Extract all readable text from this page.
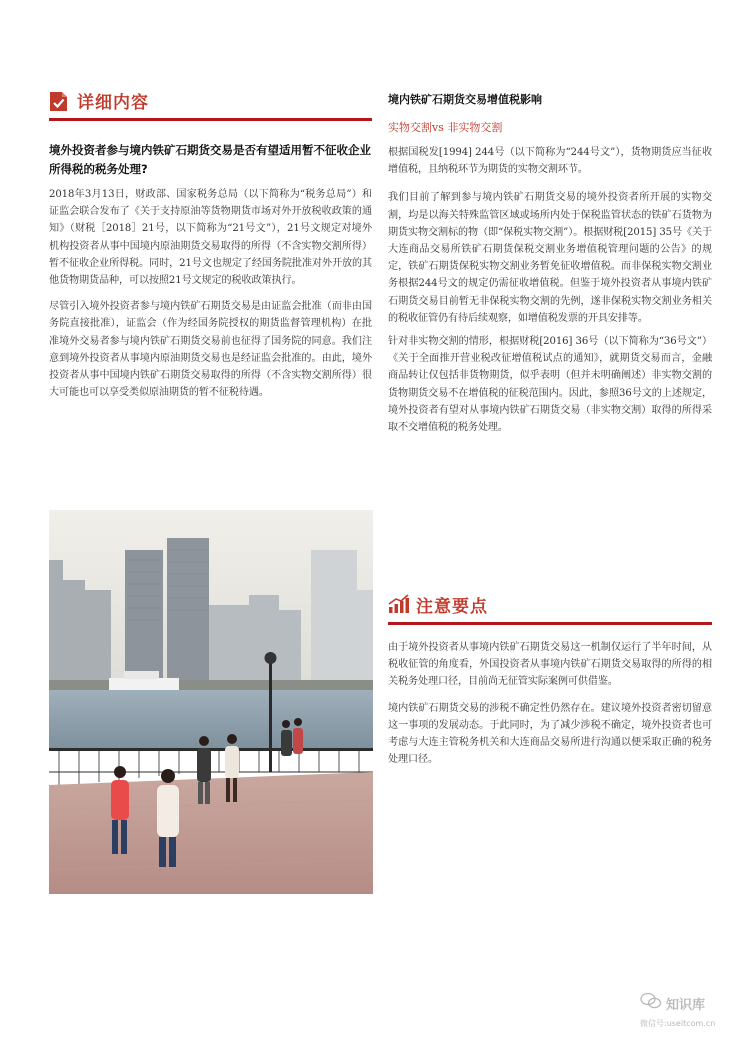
详细内容

境外投资者参与境内铁矿石期货交易是否有望适用暂不征收企业所得税的税务处理?

2018年3月13日，财政部、国家税务总局（以下简称为“税务总局”）和证监会联合发布了《关于支持原油等货物期货市场对外开放税收政策的通知》（财税［2018］21号，以下简称为“21号文”），21号文规定对境外机构投资者从事中国境内原油期货交易取得的所得（不含实物交割所得）暂不征收企业所得税。同时，21号文也规定了经国务院批准对外开放的其他货物期货品种，可以按照21号文规定的税收政策执行。

尽管引入境外投资者参与境内铁矿石期货交易是由证监会批准（而非由国务院直接批准），证监会（作为经国务院授权的期货监督管理机构）在批准境外交易者参与境内铁矿石期货交易前也征得了国务院的同意。我们注意到境外投资者从事境内原油期货交易也是经证监会批准的。由此，境外投资者从事中国境内铁矿石期货交易取得的所得（不含实物交割所得）很大可能也可以享受类似原油期货的暂不征税待遇。

境内铁矿石期货交易增值税影响

实物交割vs 非实物交割

根据国税发[1994] 244号（以下简称为“244号文”），货物期货应当征收增值税，且纳税环节为期货的实物交割环节。

我们目前了解到参与境内铁矿石期货交易的境外投资者所开展的实物交割，均是以海关特殊监管区域或场所内处于保税监管状态的铁矿石货物为期货实物交割标的物（即“保税实物交割”）。根据财税[2015] 35号《关于大连商品交易所铁矿石期货保税交割业务增值税管理问题的公告》的规定，铁矿石期货保税实物交割业务暂免征收增值税。而非保税实物交割业务根据244号文的规定仍需征收增值税。但鉴于境外投资者从事境内铁矿石期货交易目前暂无非保税实物交割的先例，遂非保税实物交割业务相关的税收征管仍有待后续观察，如增值税发票的开具安排等。

针对非实物交割的情形，根据财税[2016] 36号（以下简称为“36号文”）《关于全面推开营业税改征增值税试点的通知》，就期货交易而言，金融商品转让仅包括非货物期货，似乎表明（但并未明确阐述）非实物交割的货物期货交易不在增值税的征税范围内。因此，参照36号文的上述规定，境外投资者有望对从事境内铁矿石期货交易（非实物交割）取得的所得采取不交增值税的税务处理。

注意要点

由于境外投资者从事境内铁矿石期货交易这一机制仅运行了半年时间，从税收征管的角度看，外国投资者从事境内铁矿石期货交易取得的所得的相关税务处理口径，目前尚无征管实际案例可供借鉴。

境内铁矿石期货交易的涉税不确定性仍然存在。建议境外投资者密切留意这一事项的发展动态。于此同时，为了减少涉税不确定，境外投资者也可考虑与大连主管税务机关和大连商品交易所进行沟通以便采取正确的税务处理口径。

知识库
微信号:useitcom.cn
